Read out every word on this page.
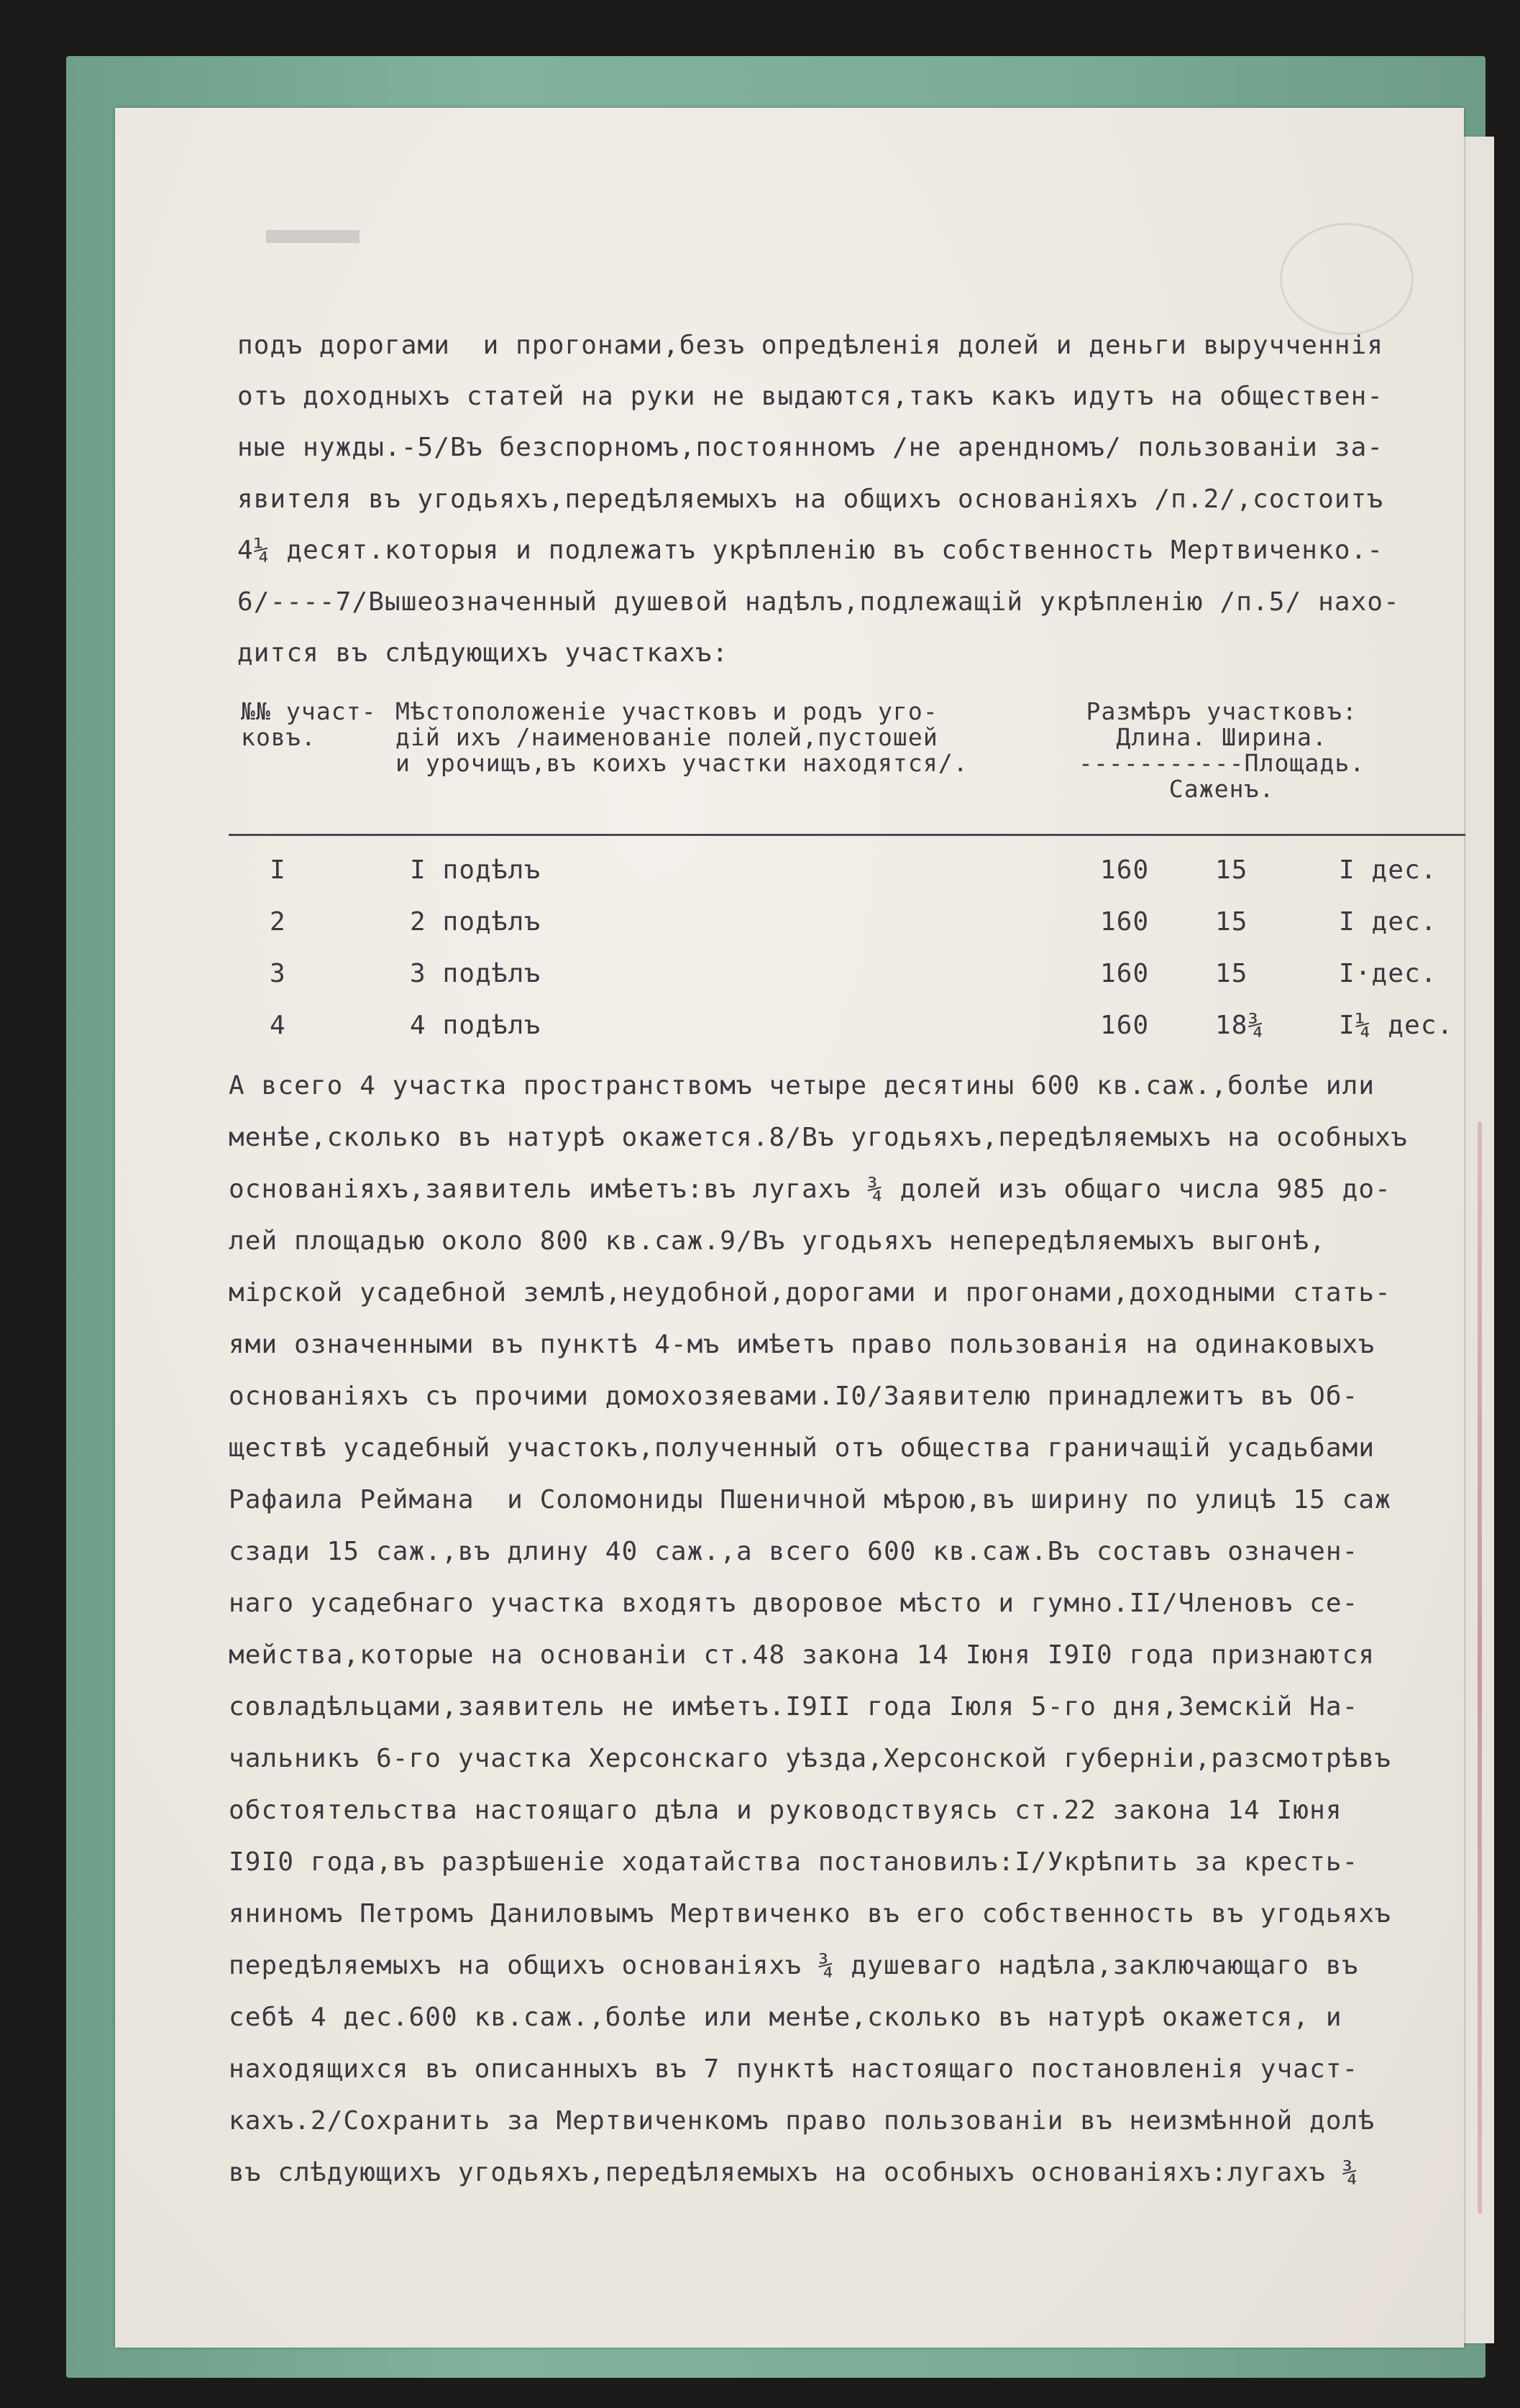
подъ дорогами  и прогонами,безъ опредѣленія долей и деньги выручченнія
отъ доходныхъ статей на руки не выдаются,такъ какъ идутъ на обществен-
ные нужды.-5/Въ безспорномъ,постоянномъ /не арендномъ/ пользованіи за-
явителя въ угодьяхъ,передѣляемыхъ на общихъ основаніяхъ /п.2/,состоитъ
4¼ десят.которыя и подлежатъ укрѣпленію въ собственность Мертвиченко.-
6/----7/Вышеозначенный душевой надѣлъ,подлежащій укрѣпленію /п.5/ нахо-
дится въ слѣдующихъ участкахъ:
№№ участ-
ковъ.
Мѣстоположеніе участковъ и родъ уго-
дій ихъ /наименованіе полей,пустошей
и урочищъ,въ коихъ участки находятся/.
Размѣръ участковъ:
Длина. Ширина.
-----------Площадь.
Саженъ.
I	I подѣлъ	160	15	I дес.
2	2 подѣлъ	160	15	I дес.
3	3 подѣлъ	160	15	I·дес.
4	4 подѣлъ	160	18¾	I¼ дес.
А всего 4 участка пространствомъ четыре десятины 600 кв.саж.,болѣе или
менѣе,сколько въ натурѣ окажется.8/Въ угодьяхъ,передѣляемыхъ на особныхъ
основаніяхъ,заявитель имѣетъ:въ лугахъ ¾ долей изъ общаго числа 985 до-
лей площадью около 800 кв.саж.9/Въ угодьяхъ непередѣляемыхъ выгонѣ,
мірской усадебной землѣ,неудобной,дорогами и прогонами,доходными стать-
ями означенными въ пунктѣ 4-мъ имѣетъ право пользованія на одинаковыхъ
основаніяхъ съ прочими домохозяевами.I0/Заявителю принадлежитъ въ Об-
ществѣ усадебный участокъ,полученный отъ общества граничащій усадьбами
Рафаила Реймана  и Соломониды Пшеничной мѣрою,въ ширину по улицѣ 15 саж
сзади 15 саж.,въ длину 40 саж.,а всего 600 кв.саж.Въ составъ означен-
наго усадебнаго участка входятъ дворовое мѣсто и гумно.II/Членовъ се-
мейства,которые на основаніи ст.48 закона 14 Іюня I9I0 года признаются
совладѣльцами,заявитель не имѣетъ.I9II года Іюля 5-го дня,Земскій На-
чальникъ 6-го участка Херсонскаго уѣзда,Херсонской губерніи,разсмотрѣвъ
обстоятельства настоящаго дѣла и руководствуясь ст.22 закона 14 Іюня
I9I0 года,въ разрѣшеніе ходатайства постановилъ:I/Укрѣпить за кресть-
яниномъ Петромъ Даниловымъ Мертвиченко въ его собственность въ угодьяхъ
передѣляемыхъ на общихъ основаніяхъ ¾ душеваго надѣла,заключающаго въ
себѣ 4 дес.600 кв.саж.,болѣе или менѣе,сколько въ натурѣ окажется, и
находящихся въ описанныхъ въ 7 пунктѣ настоящаго постановленія участ-
кахъ.2/Сохранить за Мертвиченкомъ право пользованіи въ неизмѣнной долѣ
въ слѣдующихъ угодьяхъ,передѣляемыхъ на особныхъ основаніяхъ:лугахъ ¾
